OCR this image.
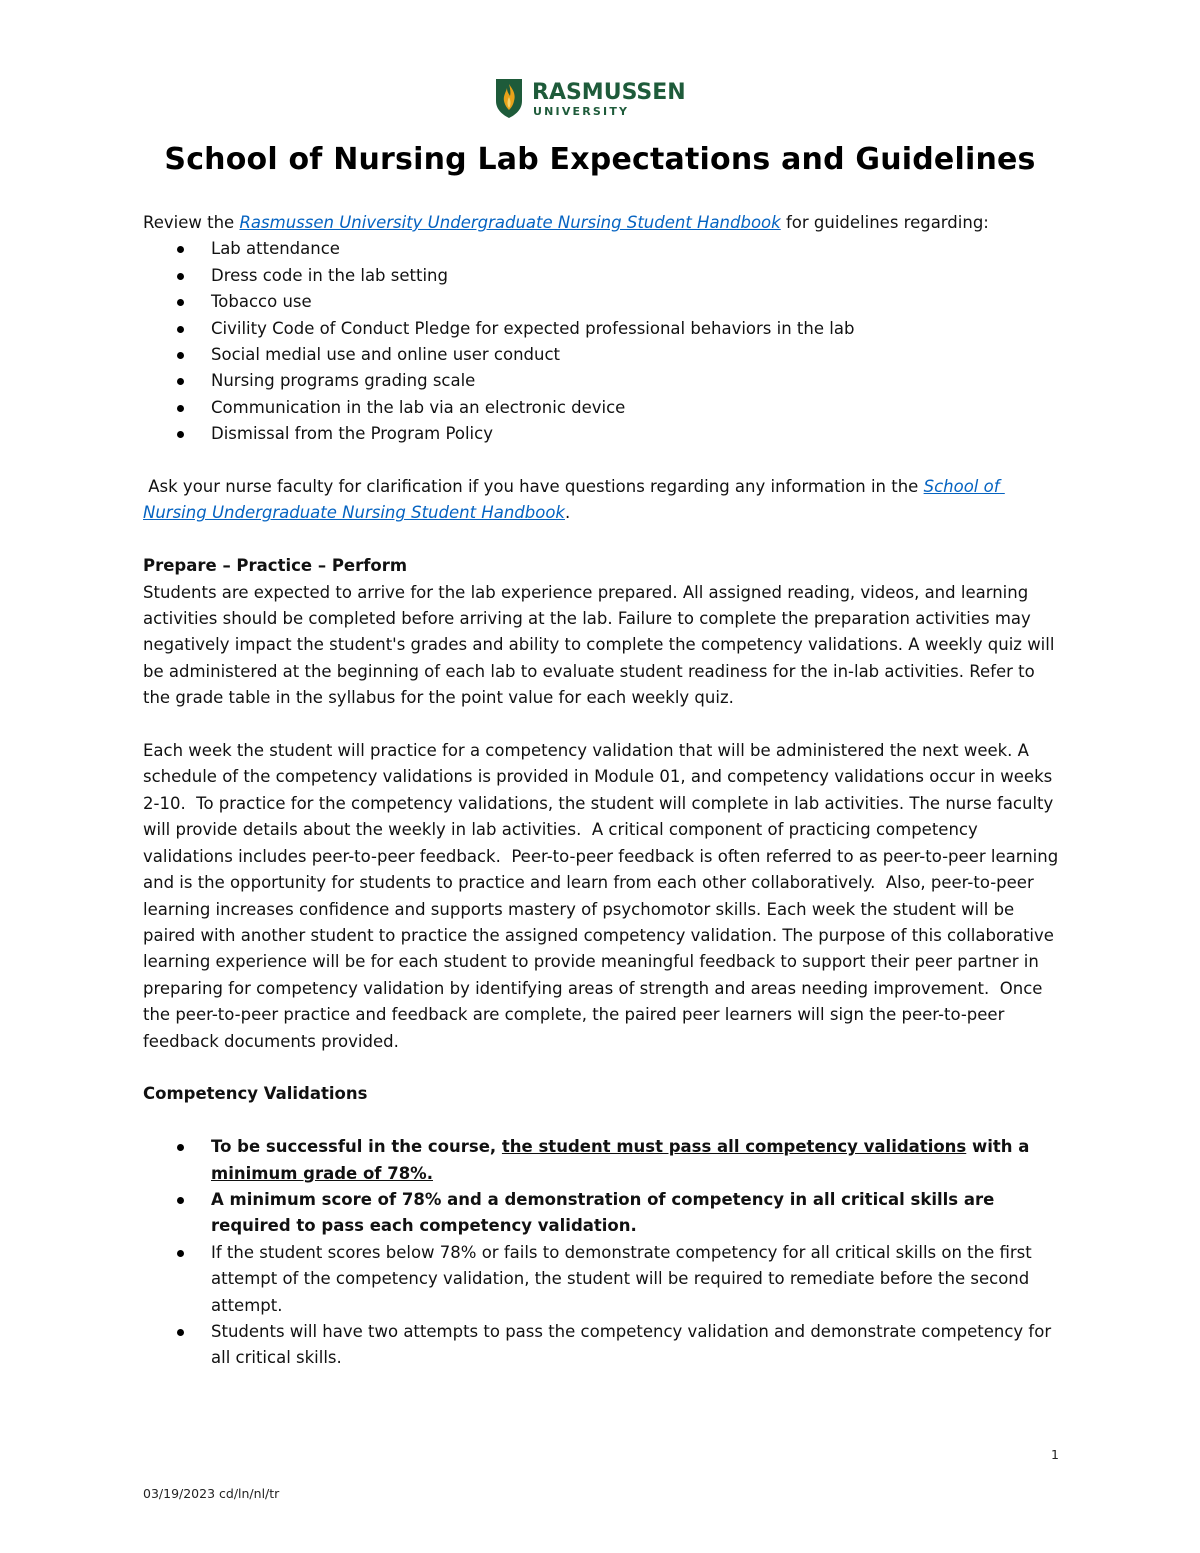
RASMUSSEN
UNIVERSITY
School of Nursing Lab Expectations and Guidelines

Review the Rasmussen University Undergraduate Nursing Student Handbook for guidelines regarding:

Lab attendance
Dress code in the lab setting
Tobacco use
Civility Code of Conduct Pledge for expected professional behaviors in the lab
Social medial use and online user conduct
Nursing programs grading scale
Communication in the lab via an electronic device
Dismissal from the Program Policy

Ask your nurse faculty for clarification if you have questions regarding any information in the School of Nursing Undergraduate Nursing Student Handbook.

Prepare – Practice – Perform

Students are expected to arrive for the lab experience prepared. All assigned reading, videos, and learning activities should be completed before arriving at the lab. Failure to complete the preparation activities may negatively impact the student's grades and ability to complete the competency validations. A weekly quiz will be administered at the beginning of each lab to evaluate student readiness for the in-lab activities. Refer to the grade table in the syllabus for the point value for each weekly quiz.

Each week the student will practice for a competency validation that will be administered the next week. A schedule of the competency validations is provided in Module 01, and competency validations occur in weeks 2-10.  To practice for the competency validations, the student will complete in lab activities. The nurse faculty will provide details about the weekly in lab activities.  A critical component of practicing competency validations includes peer-to-peer feedback.  Peer-to-peer feedback is often referred to as peer-to-peer learning and is the opportunity for students to practice and learn from each other collaboratively.  Also, peer-to-peer learning increases confidence and supports mastery of psychomotor skills. Each week the student will be paired with another student to practice the assigned competency validation. The purpose of this collaborative learning experience will be for each student to provide meaningful feedback to support their peer partner in preparing for competency validation by identifying areas of strength and areas needing improvement.  Once the peer-to-peer practice and feedback are complete, the paired peer learners will sign the peer-to-peer feedback documents provided.

Competency Validations

To be successful in the course, the student must pass all competency validations with a minimum grade of 78%.
A minimum score of 78% and a demonstration of competency in all critical skills are required to pass each competency validation.
If the student scores below 78% or fails to demonstrate competency for all critical skills on the first attempt of the competency validation, the student will be required to remediate before the second attempt.
Students will have two attempts to pass the competency validation and demonstrate competency for all critical skills.
1
03/19/2023 cd/ln/nl/tr
